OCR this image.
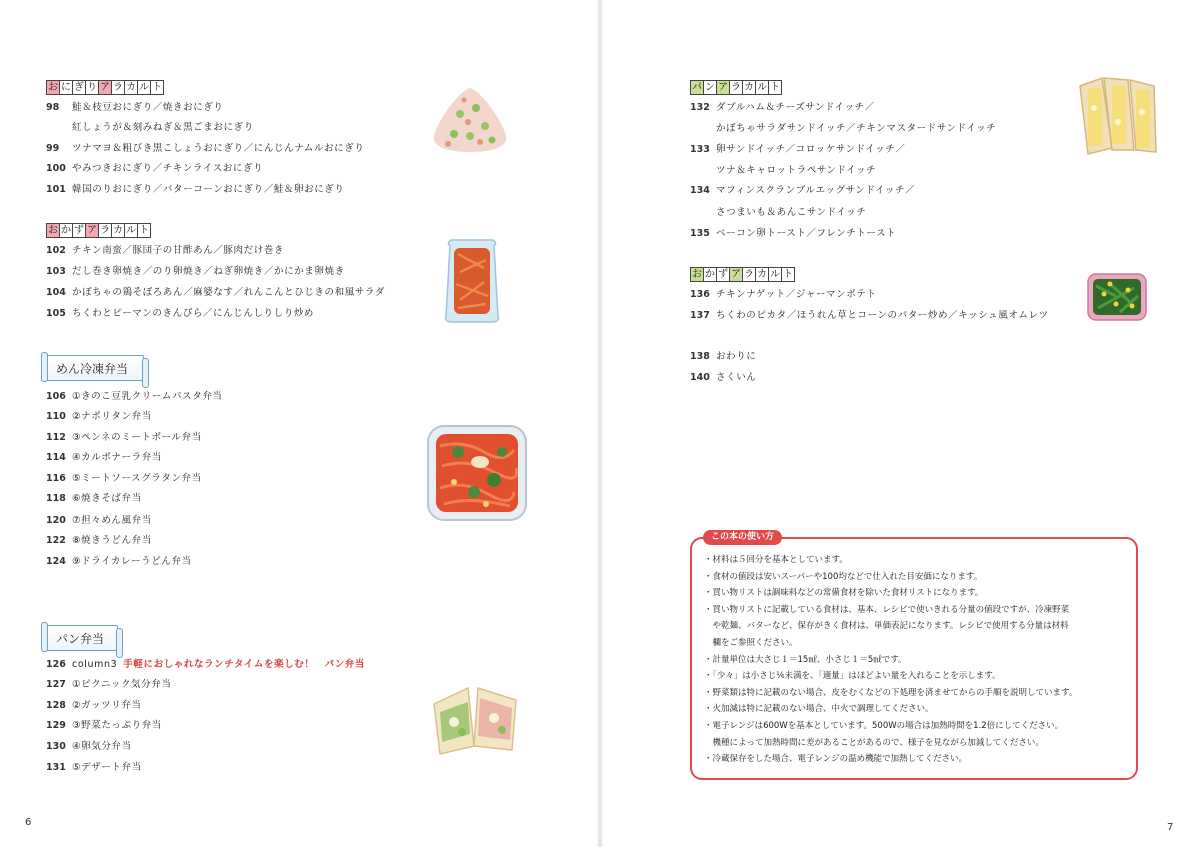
お に ぎ り ア ラ カ ル ト
98 鮭＆枝豆おにぎり／焼きおにぎり
紅しょうが＆刻みねぎ＆黒ごまおにぎり
99 ツナマヨ＆粗びき黒こしょうおにぎり／にんじんナムルおにぎり
100 やみつきおにぎり／チキンライスおにぎり
101 韓国のりおにぎり／バターコーンおにぎり／鮭＆卵おにぎり
お か ず ア ラ カ ル ト
102 チキン南蛮／豚団子の甘酢あん／豚肉だけ巻き
103 だし巻き卵焼き／のり卵焼き／ねぎ卵焼き／かにかま卵焼き
104 かぼちゃの鶏そぼろあん／麻婆なす／れんこんとひじきの和風サラダ
105 ちくわとピーマンのきんぴら／にんじんしりしり炒め
めん冷凍弁当
106 ①きのこ豆乳クリームパスタ弁当
110 ②ナポリタン弁当
112 ③ペンネのミートボール弁当
114 ④カルボナーラ弁当
116 ⑤ミートソースグラタン弁当
118 ⑥焼きそば弁当
120 ⑦担々めん風弁当
122 ⑧焼きうどん弁当
124 ⑨ドライカレーうどん弁当
パン弁当
126 column3 手軽におしゃれなランチタイムを楽しむ！　パン弁当
127 ①ピクニック気分弁当
128 ②ガッツリ弁当
129 ③野菜たっぷり弁当
130 ④卵気分弁当
131 ⑤デザート弁当
6
パ ン ア ラ カ ル ト
132 ダブルハム＆チーズサンドイッチ／
かぼちゃサラダサンドイッチ／チキンマスタードサンドイッチ
133 卵サンドイッチ／コロッケサンドイッチ／
ツナ＆キャロットラペサンドイッチ
134 マフィンスクランブルエッグサンドイッチ／
さつまいも＆あんこサンドイッチ
135 ベーコン卵トースト／フレンチトースト
お か ず ア ラ カ ル ト
136 チキンナゲット／ジャーマンポテト
137 ちくわのピカタ／ほうれん草とコーンのバター炒め／キッシュ風オムレツ
138 おわりに
140 さくいん
この本の使い方
・材料は５回分を基本としています。
・食材の値段は安いスーパーや100均などで仕入れた目安価になります。
・買い物リストは調味料などの常備食材を除いた食材リストになります。
・買い物リストに記載している食材は、基本、レシピで使いきれる分量の値段ですが、冷凍野菜
　や乾麺、バターなど、保存がきく食材は、単価表記になります。レシピで使用する分量は材料
　欄をご参照ください。
・計量単位は大さじ１＝15㎖、小さじ１＝5㎖です。
・「少々」は小さじ⅙未満を、「適量」はほどよい量を入れることを示します。
・野菜類は特に記載のない場合、皮をむくなどの下処理を済ませてからの手順を説明しています。
・火加減は特に記載のない場合、中火で調理してください。
・電子レンジは600Wを基本としています。500Wの場合は加熱時間を1.2倍にしてください。
　機種によって加熱時間に差があることがあるので、様子を見ながら加減してください。
・冷蔵保存をした場合、電子レンジの温め機能で加熱してください。
7
